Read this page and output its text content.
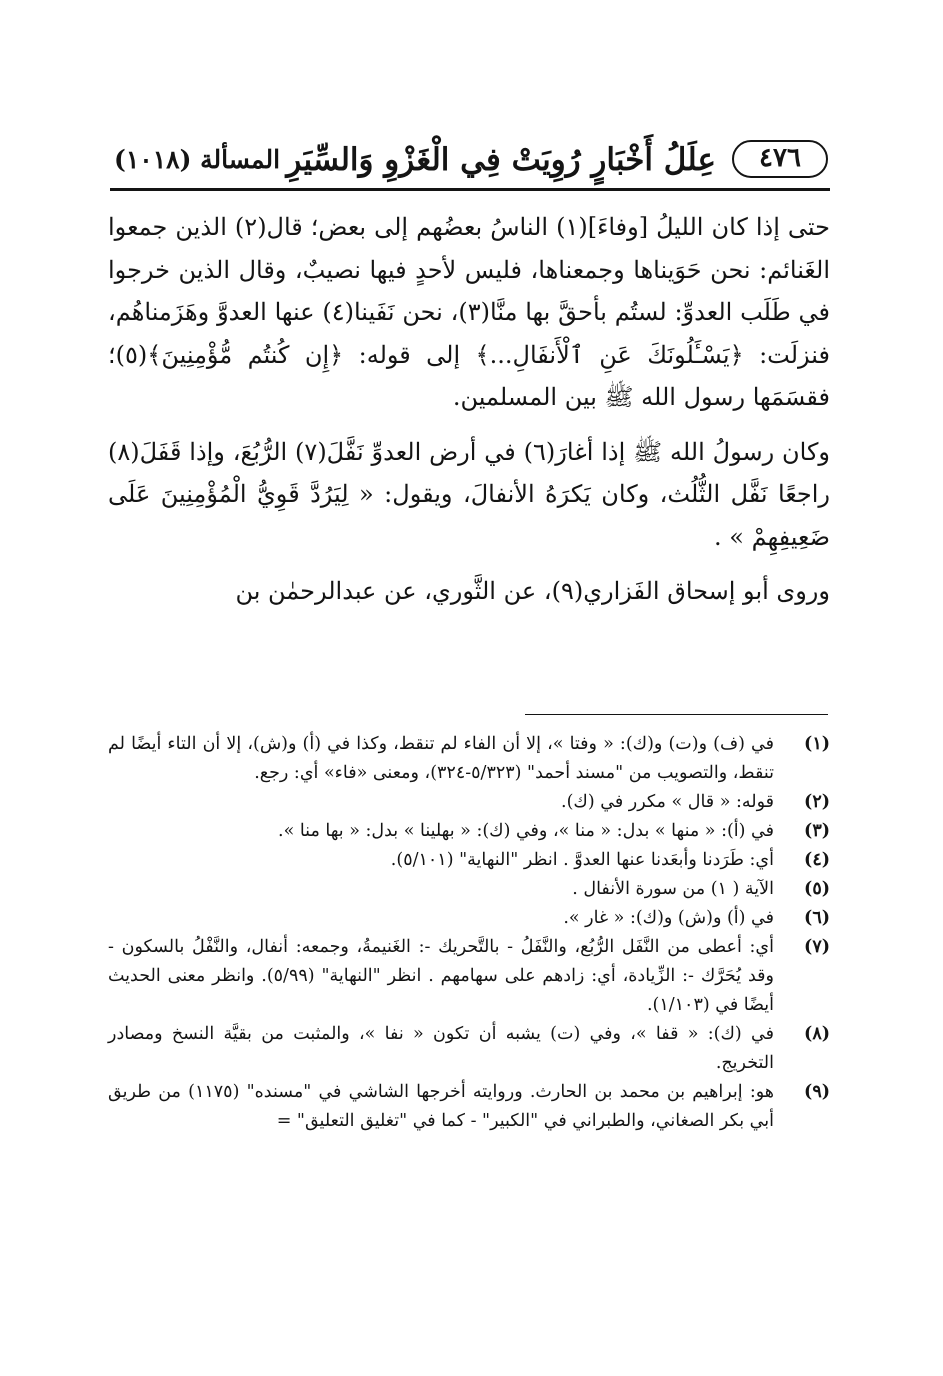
٤٧٦
عِلَلُ أَخْبَارٍ رُوِيَتْ فِي الْغَزْوِ وَالسِّيَرِ
المسألة (١٠١٨)

حتى إذا كان الليلُ [وفاءَ](١) الناسُ بعضُهم إلى بعض؛ قال(٢) الذين جمعوا الغَنائم: نحن حَوَيناها وجمعناها، فليس لأحدٍ فيها نصيبٌ، وقال الذين خرجوا في طَلَب العدوِّ: لستُم بأحقَّ بها منَّا(٣)، نحن نَفَينا(٤) عنها العدوَّ وهَزَمناهُم، فنزلَت: ﴿يَسْـَٔلُونَكَ عَنِ ٱلْأَنفَالِ...﴾ إلى قوله: ﴿إِن كُنتُم مُّؤْمِنِينَ﴾(٥)؛ فقسَمَها رسول الله ﷺ بين المسلمين.

وكان رسولُ الله ﷺ إذا أغارَ(٦) في أرض العدوِّ نَفَّلَ(٧) الرُّبُعَ، وإذا قَفَلَ(٨) راجعًا نَفَّل الثُّلُث، وكان يَكرَهُ الأنفالَ، ويقول: « لِيَرُدَّ قَوِيُّ الْمُؤْمِنِينَ عَلَى ضَعِيفِهِمْ » .

وروى أبو إسحاق الفَزاري(٩)، عن الثَّوري، عن عبدالرحمٰن بن

(١)
في (ف) و(ت) و(ك): « وفتا »، إلا أن الفاء لم تنقط، وكذا في (أ) و(ش)، إلا أن التاء أيضًا لم تنقط، والتصويب من "مسند أحمد" (٥/٣٢٣-٣٢٤)، ومعنى «فاء» أي: رجع.
(٢)
قوله: « قال » مكرر في (ك).
(٣)
في (أ): « منها » بدل: « منا »، وفي (ك): « بهلينا » بدل: « بها منا ».
(٤)
أي: طَرَدنا وأبعَدنا عنها العدوَّ . انظر "النهاية" (٥/١٠١).
(٥)
الآية ( ١) من سورة الأنفال .
(٦)
في (أ) و(ش) و(ك): « غار ».
(٧)
أي: أعطى من النَّفَل الرُّبُع، والنَّفَلُ - بالتَّحريك -: الغَنيمةُ، وجمعه: أنفال، والنَّفْلُ بالسكون - وقد يُحَرَّك -: الزِّيادة، أي: زادهم على سهامهم . انظر "النهاية" (٥/٩٩). وانظر معنى الحديث أيضًا في (١/١٠٣).
(٨)
في (ك): « قفا »، وفي (ت) يشبه أن تكون « نفا »، والمثبت من بقيَّة النسخ ومصادر التخريج.
(٩)
هو: إبراهيم بن محمد بن الحارث. وروايته أخرجها الشاشي في "مسنده" (١١٧٥) من طريق أبي بكر الصغاني، والطبراني في "الكبير" - كما في "تغليق التعليق" =
